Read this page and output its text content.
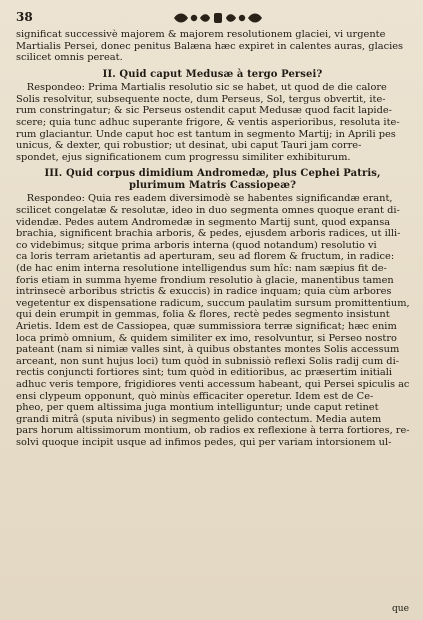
38
significat successivè majorem & majorem resolutionem glaciei, vi urgente
Martialis Persei, donec penitus Balæna hæc expiret in calentes auras, glacies
scilicet omnis pereat.
II. Quid caput Medusæ à tergo Persei?
Respondeo: Prima Martialis resolutio sic se habet, ut quod de die calore
Solis resolvitur, subsequente nocte, dum Perseus, Sol, tergus obvertit, ite-
rum constringatur; & sic Perseus ostendit caput Medusæ quod facit lapide-
scere; quia tunc adhuc superante frigore, & ventis asperioribus, resoluta ite-
rum glaciantur. Unde caput hoc est tantum in segmento Martij; in Aprili pes
unicus, & dexter, qui robustior; ut desinat, ubi caput Tauri jam corre-
spondet, ejus significationem cum progressu similiter exhibiturum.
III. Quid corpus dimidium Andromedæ, plus Cephei Patris,
plurimum Matris Cassiopeæ?
Respondeo: Quia res eadem diversimodè se habentes significandæ erant,
scilicet congelatæ & resolutæ, ideo in duo segmenta omnes quoque erant di-
videndæ. Pedes autem Andromedæ in segmento Martij sunt, quod expansa
brachia, significent brachia arboris, & pedes, ejusdem arboris radices, ut illi-
co videbimus; sitque prima arboris interna (quod notandum) resolutio vi
ca loris terram arietantis ad aperturam, seu ad florem & fructum, in radice:
(de hac enim interna resolutione intelligendus sum hîc: nam sæpius fit de-
foris etiam in summa hyeme frondium resolutio à glacie, manentibus tamen
intrinsecè arboribus strictis & exuccis) in radice inquam; quia cùm arbores
vegetentur ex dispensatione radicum, succum paulatim sursum promittentium,
qui dein erumpit in gemmas, folia & flores, rectè pedes segmento insistunt
Arietis. Idem est de Cassiopea, quæ summissiora terræ significat; hæc enim
loca primò omnium, & quidem similiter ex imo, resolvuntur, si Perseo nostro
pateant (nam si nimiæ valles sint, à quibus obstantes montes Solis accessum
arceant, non sunt hujus loci) tum quòd in subnissiò reflexi Solis radij cum di-
rectis conjuncti fortiores sint; tum quòd in editioribus, ac præsertim initiali
adhuc veris tempore, frigidiores venti accessum habeant, qui Persei spiculis ac
ensi clypeum opponunt, quò minùs efficaciter operetur. Idem est de Ce-
pheo, per quem altissima juga montium intelliguntur; unde caput retinet
grandi mitrâ (sputa nivibus) in segmento gelido contectum. Media autem
pars horum altissimorum montium, ob radios ex reflexione à terra fortiores, re-
solvi quoque incipit usque ad infimos pedes, qui per variam intorsionem ul-
que
